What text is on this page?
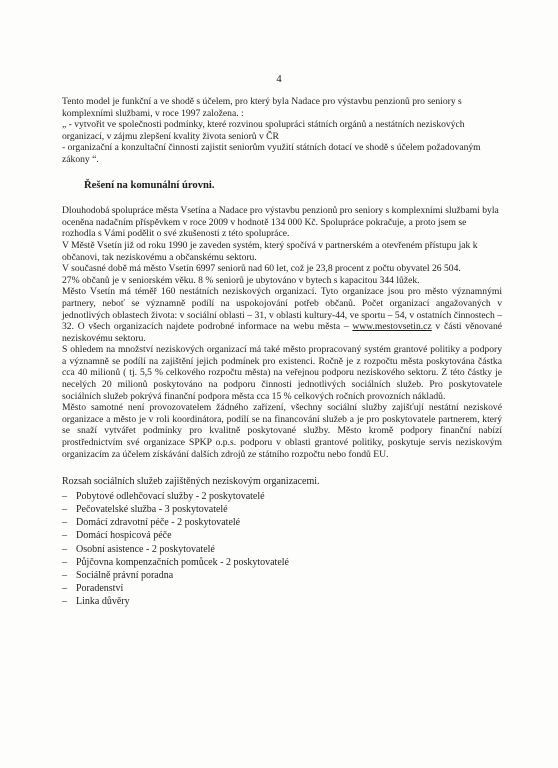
4

Tento model je funkční a ve shodě s účelem, pro který byla Nadace pro výstavbu penzionů pro seniory s komplexními službami, v roce 1997 založena. :

„ - vytvořit ve společnosti podmínky, které rozvinou spolupráci státních orgánů a nestátních neziskových organizací, v zájmu zlepšení kvality života seniorů v ČR

- organizační a konzultační činnosti zajistit seniorům využití státních dotací ve shodě s účelem požadovaným zákony “.

Řešení na komunální úrovni.

Dlouhodobá spolupráce města Vsetína a Nadace pro výstavbu penzionů pro seniory s komplexními službami byla oceněna nadačním příspěvkem v roce 2009 v hodnotě 134 000 Kč. Spolupráce pokračuje, a proto jsem se rozhodla s Vámi podělit o své zkušenosti z této spolupráce.

V Městě Vsetín již od roku 1990 je zaveden systém, který spočívá v partnerském a otevřeném přístupu jak k občanovi, tak neziskovému a občanskému sektoru.

V současné době má město Vsetín 6997 seniorů nad 60 let, což je 23,8 procent z počtu obyvatel 26 504.

27% občanů je v seniorském věku. 8 % seniorů je ubytováno v bytech s kapacitou 344 lůžek.

Město Vsetín má téměř 160 nestátních neziskových organizací. Tyto organizace jsou pro město významnými partnery, neboť se významně podílí na uspokojování potřeb občanů. Počet organizací angažovaných v jednotlivých oblastech života: v sociální oblasti – 31, v oblasti kultury-44, ve sportu – 54, v ostatních činnostech – 32. O všech organizacích najdete podrobné informace na webu města – www.mestovsetin.cz v části věnované neziskovému sektoru.

S ohledem na množství neziskových organizací má také město propracovaný systém grantové politiky a podpory a významně se podílí na zajištění jejich podmínek pro existenci. Ročně je z rozpočtu města poskytována částka cca 40 milionů ( tj. 5,5 % celkového rozpočtu města) na veřejnou podporu neziskového sektoru. Z této částky je necelých 20 milionů poskytováno na podporu činnosti jednotlivých sociálních služeb. Pro poskytovatele sociálních služeb pokrývá finanční podpora města cca 15 % celkových ročních provozních nákladů.

Město samotné není provozovatelem žádného zařízení, všechny sociální služby zajišťují nestátní neziskové organizace a město je v roli koordinátora, podílí se na financování služeb a je pro poskytovatele partnerem, který se snaží vytvářet podmínky pro kvalitně poskytované služby. Město kromě podpory finanční nabízí prostřednictvím své organizace SPKP o.p.s. podporu v oblasti grantové politiky, poskytuje servis neziskovým organizacím za účelem získávání dalších zdrojů ze státního rozpočtu nebo fondů EU.

Rozsah sociálních služeb zajištěných neziskovým organizacemi.

– Pobytové odlehčovací služby - 2 poskytovatelé
– Pečovatelské služba - 3 poskytovatelé
– Domácí zdravotní péče - 2 poskytovatelé
– Domácí hospicová péče
– Osobní asistence - 2 poskytovatelé
– Půjčovna kompenzačních pomůcek - 2 poskytovatelé
– Sociálně právní poradna
– Poradenství
– Linka důvěry
